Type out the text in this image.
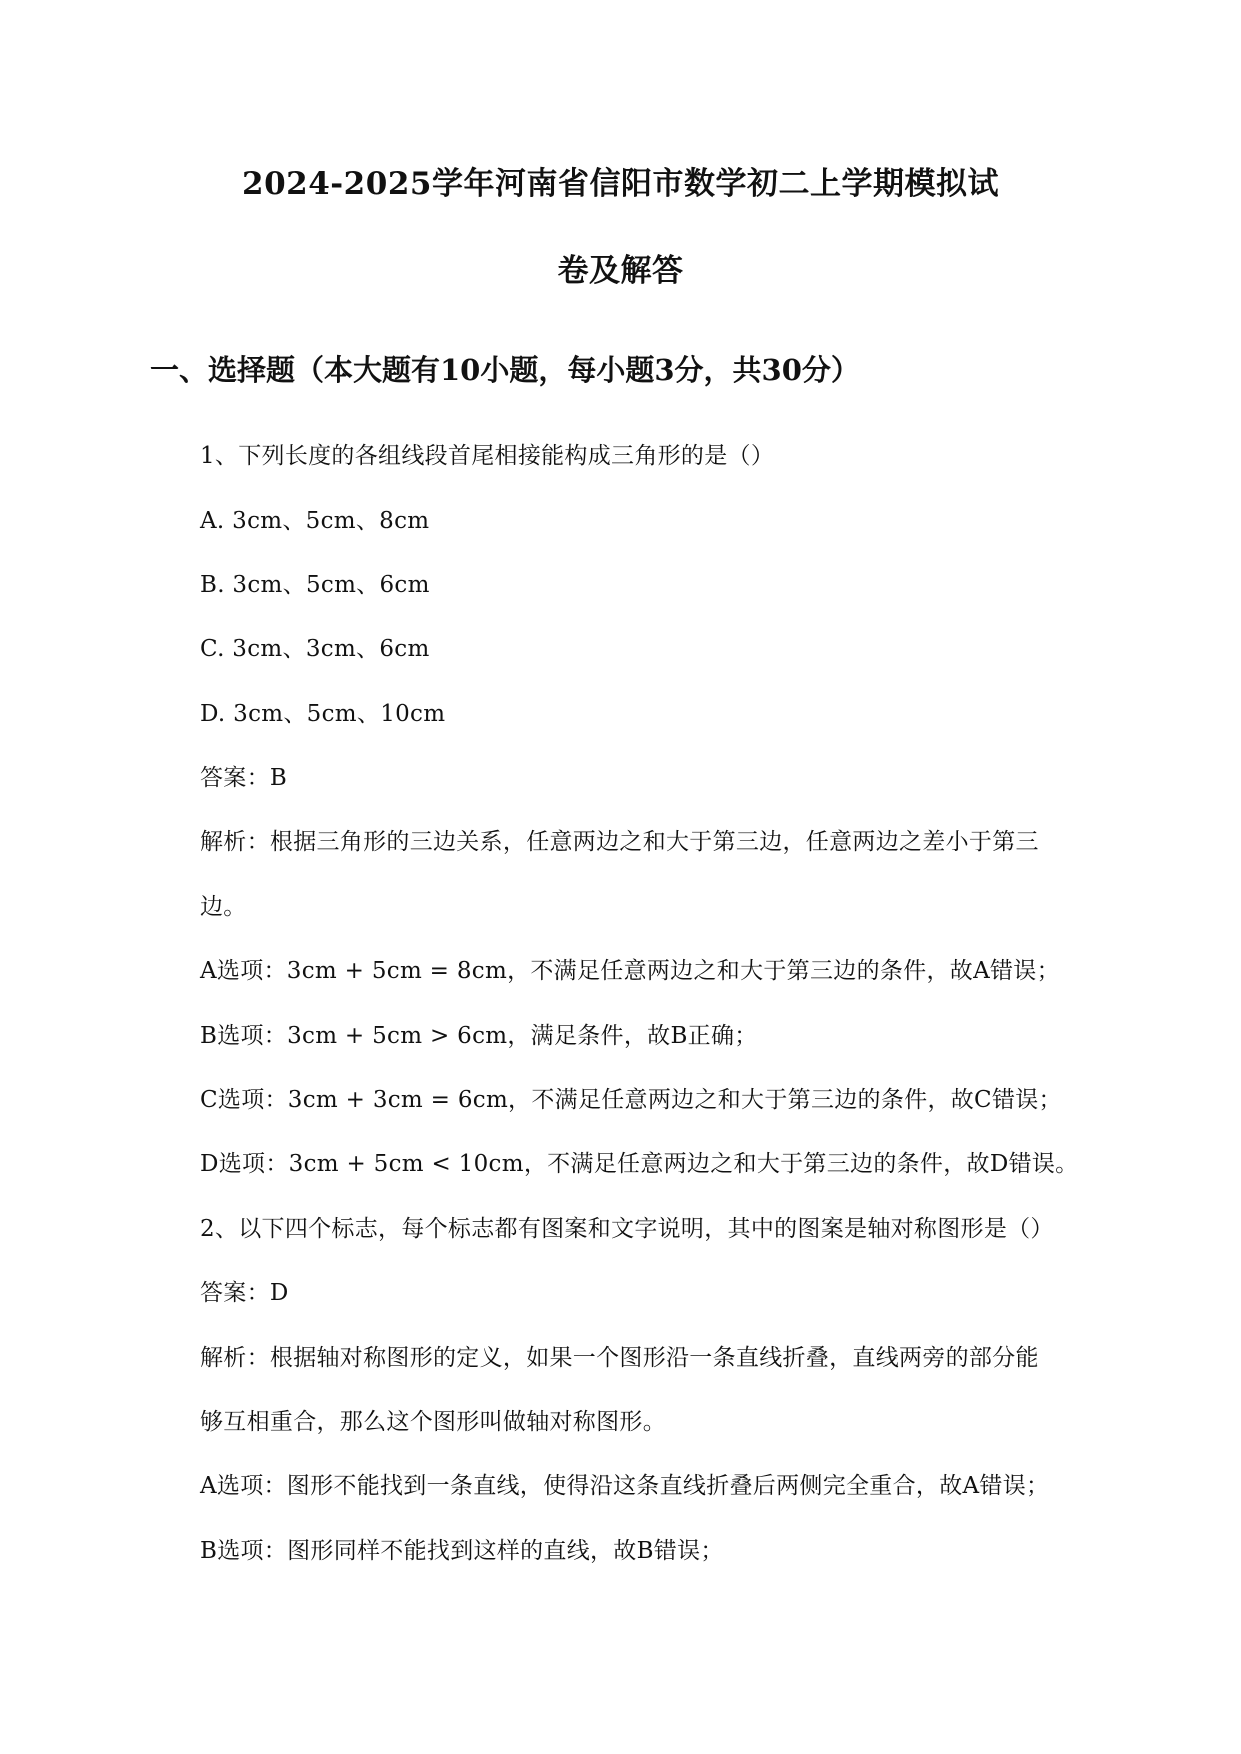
2024-2025学年河南省信阳市数学初二上学期模拟试
卷及解答
一、选择题（本大题有10小题，每小题3分，共30分）
1、下列长度的各组线段首尾相接能构成三角形的是（）
A. 3cm、5cm、8cm
B. 3cm、5cm、6cm
C. 3cm、3cm、6cm
D. 3cm、5cm、10cm
答案：B
解析：根据三角形的三边关系，任意两边之和大于第三边，任意两边之差小于第三
边。
A选项：3cm + 5cm = 8cm，不满足任意两边之和大于第三边的条件，故A错误；
B选项：3cm + 5cm > 6cm，满足条件，故B正确；
C选项：3cm + 3cm = 6cm，不满足任意两边之和大于第三边的条件，故C错误；
D选项：3cm + 5cm < 10cm，不满足任意两边之和大于第三边的条件，故D错误。
2、以下四个标志，每个标志都有图案和文字说明，其中的图案是轴对称图形是（）
答案：D
解析：根据轴对称图形的定义，如果一个图形沿一条直线折叠，直线两旁的部分能
够互相重合，那么这个图形叫做轴对称图形。
A选项：图形不能找到一条直线，使得沿这条直线折叠后两侧完全重合，故A错误；
B选项：图形同样不能找到这样的直线，故B错误；
